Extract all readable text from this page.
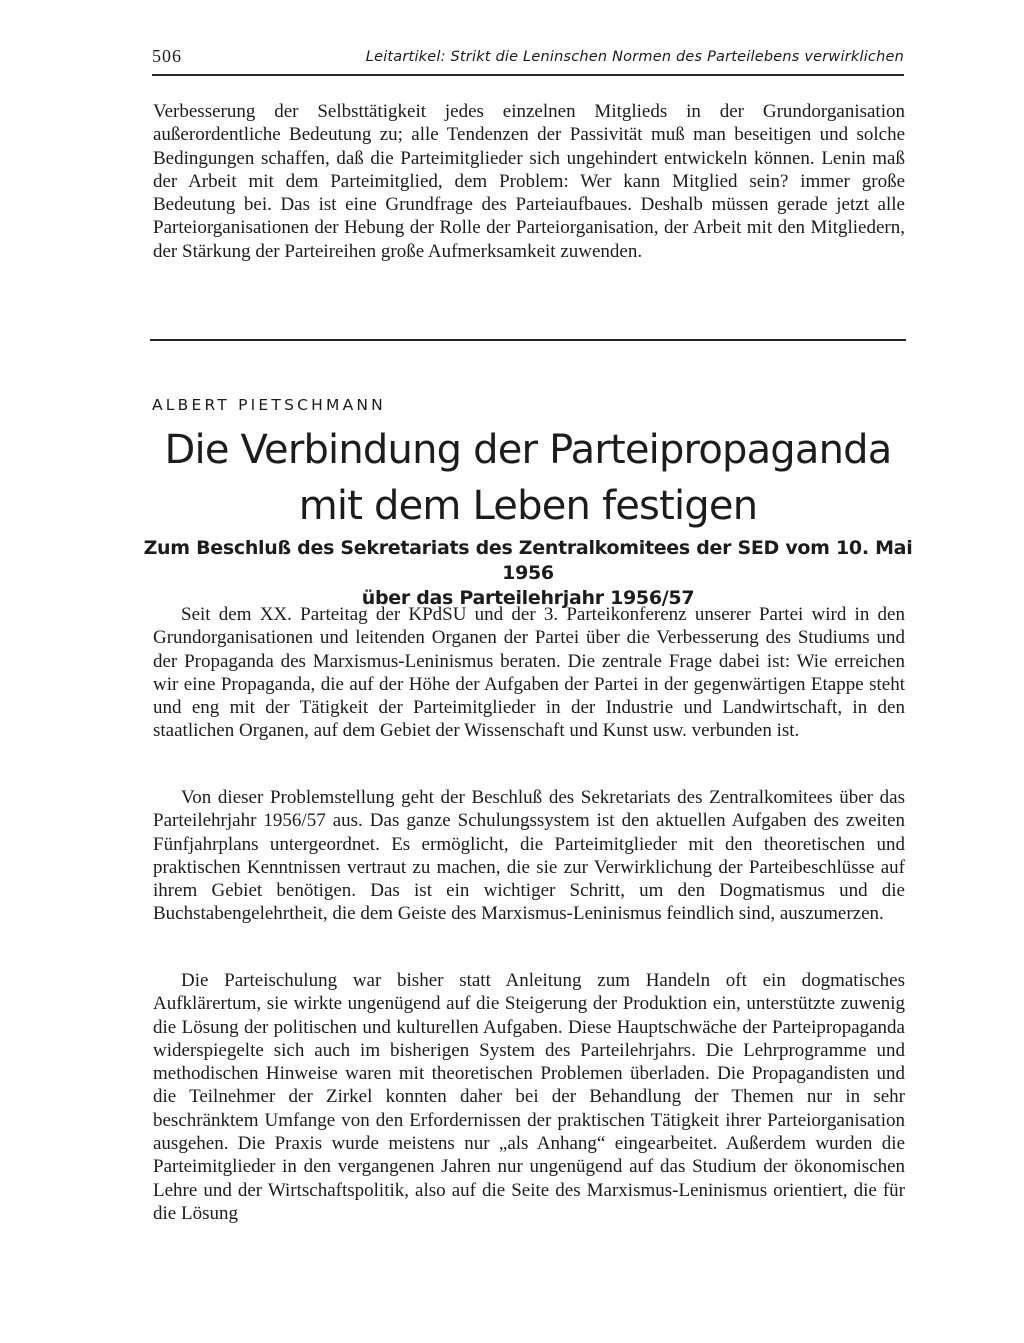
506	Leitartikel: Strikt die Leninschen Normen des Parteilebens verwirklichen

Verbesserung der Selbsttätigkeit jedes einzelnen Mitglieds in der Grundorganisation außerordentliche Bedeutung zu; alle Tendenzen der Passivität muß man beseitigen und solche Bedingungen schaffen, daß die Parteimitglieder sich ungehindert entwickeln können. Lenin maß der Arbeit mit dem Parteimitglied, dem Problem: Wer kann Mitglied sein? immer große Bedeutung bei. Das ist eine Grundfrage des Parteiaufbaues. Deshalb müssen gerade jetzt alle Parteiorganisationen der Hebung der Rolle der Parteiorganisation, der Arbeit mit den Mitgliedern, der Stärkung der Parteireihen große Aufmerksamkeit zuwenden.

ALBERT PIETSCHMANN
Die Verbindung der Parteipropaganda
mit dem Leben festigen
Zum Beschluß des Sekretariats des Zentralkomitees der SED vom 10. Mai 1956
über das Parteilehrjahr 1956/57

Seit dem XX. Parteitag der KPdSU und der 3. Parteikonferenz unserer Partei wird in den Grundorganisationen und leitenden Organen der Partei über die Verbesserung des Studiums und der Propaganda des Marxismus-Leninismus beraten. Die zentrale Frage dabei ist: Wie erreichen wir eine Propaganda, die auf der Höhe der Aufgaben der Partei in der gegenwärtigen Etappe steht und eng mit der Tätigkeit der Parteimitglieder in der Industrie und Landwirtschaft, in den staatlichen Organen, auf dem Gebiet der Wissenschaft und Kunst usw. verbunden ist.

Von dieser Problemstellung geht der Beschluß des Sekretariats des Zentralkomitees über das Parteilehrjahr 1956/57 aus. Das ganze Schulungssystem ist den aktuellen Aufgaben des zweiten Fünfjahrplans untergeordnet. Es ermöglicht, die Parteimitglieder mit den theoretischen und praktischen Kenntnissen vertraut zu machen, die sie zur Verwirklichung der Parteibeschlüsse auf ihrem Gebiet benötigen. Das ist ein wichtiger Schritt, um den Dogmatismus und die Buchstabengelehrtheit, die dem Geiste des Marxismus-Leninismus feindlich sind, auszumerzen.

Die Parteischulung war bisher statt Anleitung zum Handeln oft ein dogmatisches Aufklärertum, sie wirkte ungenügend auf die Steigerung der Produktion ein, unterstützte zuwenig die Lösung der politischen und kulturellen Aufgaben. Diese Hauptschwäche der Parteipropaganda widerspiegelte sich auch im bisherigen System des Parteilehrjahrs. Die Lehrprogramme und methodischen Hinweise waren mit theoretischen Problemen überladen. Die Propagandisten und die Teilnehmer der Zirkel konnten daher bei der Behandlung der Themen nur in sehr beschränktem Umfange von den Erfordernissen der praktischen Tätigkeit ihrer Parteiorganisation ausgehen. Die Praxis wurde meistens nur „als Anhang“ eingearbeitet. Außerdem wurden die Parteimitglieder in den vergangenen Jahren nur ungenügend auf das Studium der ökonomischen Lehre und der Wirtschaftspolitik, also auf die Seite des Marxismus-Leninismus orientiert, die für die Lösung
